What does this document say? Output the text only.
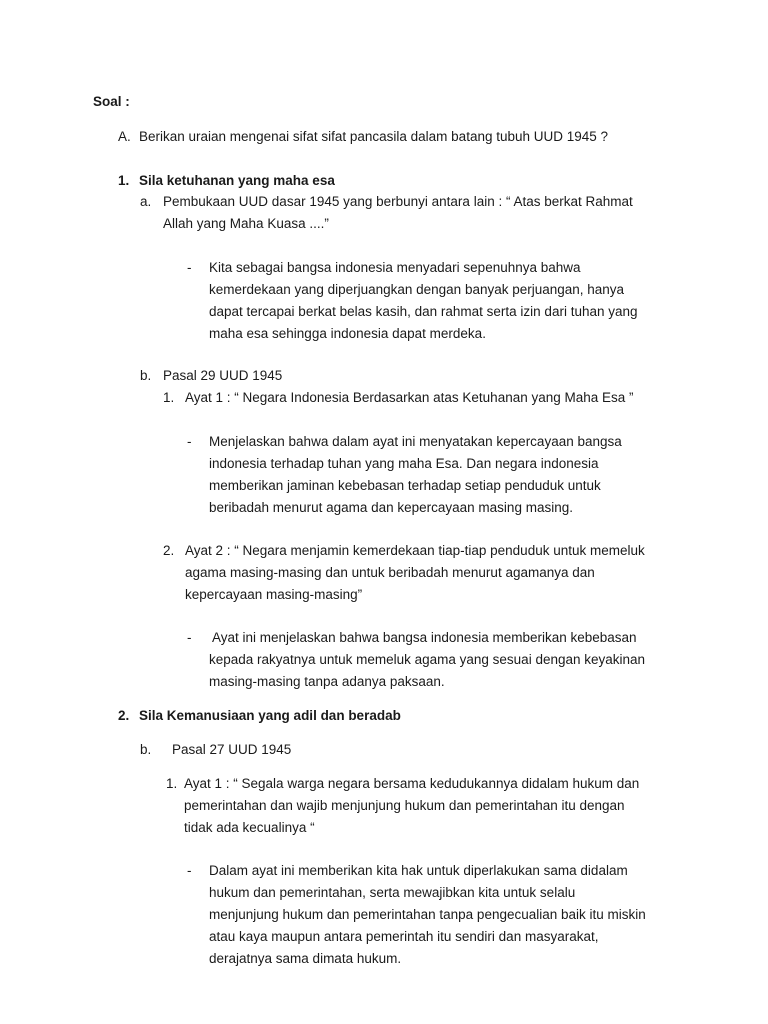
Soal :
A. Berikan uraian mengenai sifat sifat pancasila dalam batang tubuh UUD 1945 ?
1. Sila ketuhanan yang maha esa
a. Pembukaan UUD dasar 1945 yang berbunyi antara lain : “ Atas berkat Rahmat
Allah yang Maha Kuasa ....”
- Kita sebagai bangsa indonesia menyadari sepenuhnya bahwa
kemerdekaan yang diperjuangkan dengan banyak perjuangan, hanya
dapat tercapai berkat belas kasih, dan rahmat serta izin dari tuhan yang
maha esa sehingga indonesia dapat merdeka.
b. Pasal 29 UUD 1945
1. Ayat 1 : “ Negara Indonesia Berdasarkan atas Ketuhanan yang Maha Esa ”
- Menjelaskan bahwa dalam ayat ini menyatakan kepercayaan bangsa
indonesia terhadap tuhan yang maha Esa. Dan negara indonesia
memberikan jaminan kebebasan terhadap setiap penduduk untuk
beribadah menurut agama dan kepercayaan masing masing.
2. Ayat 2 : “ Negara menjamin kemerdekaan tiap-tiap penduduk untuk memeluk
agama masing-masing dan untuk beribadah menurut agamanya dan
kepercayaan masing-masing”
- Ayat ini menjelaskan bahwa bangsa indonesia memberikan kebebasan
kepada rakyatnya untuk memeluk agama yang sesuai dengan keyakinan
masing-masing tanpa adanya paksaan.
2. Sila Kemanusiaan yang adil dan beradab
b. Pasal 27 UUD 1945
1. Ayat 1 : “ Segala warga negara bersama kedudukannya didalam hukum dan
pemerintahan dan wajib menjunjung hukum dan pemerintahan itu dengan
tidak ada kecualinya “
- Dalam ayat ini memberikan kita hak untuk diperlakukan sama didalam
hukum dan pemerintahan, serta mewajibkan kita untuk selalu
menjunjung hukum dan pemerintahan tanpa pengecualian baik itu miskin
atau kaya maupun antara pemerintah itu sendiri dan masyarakat,
derajatnya sama dimata hukum.
